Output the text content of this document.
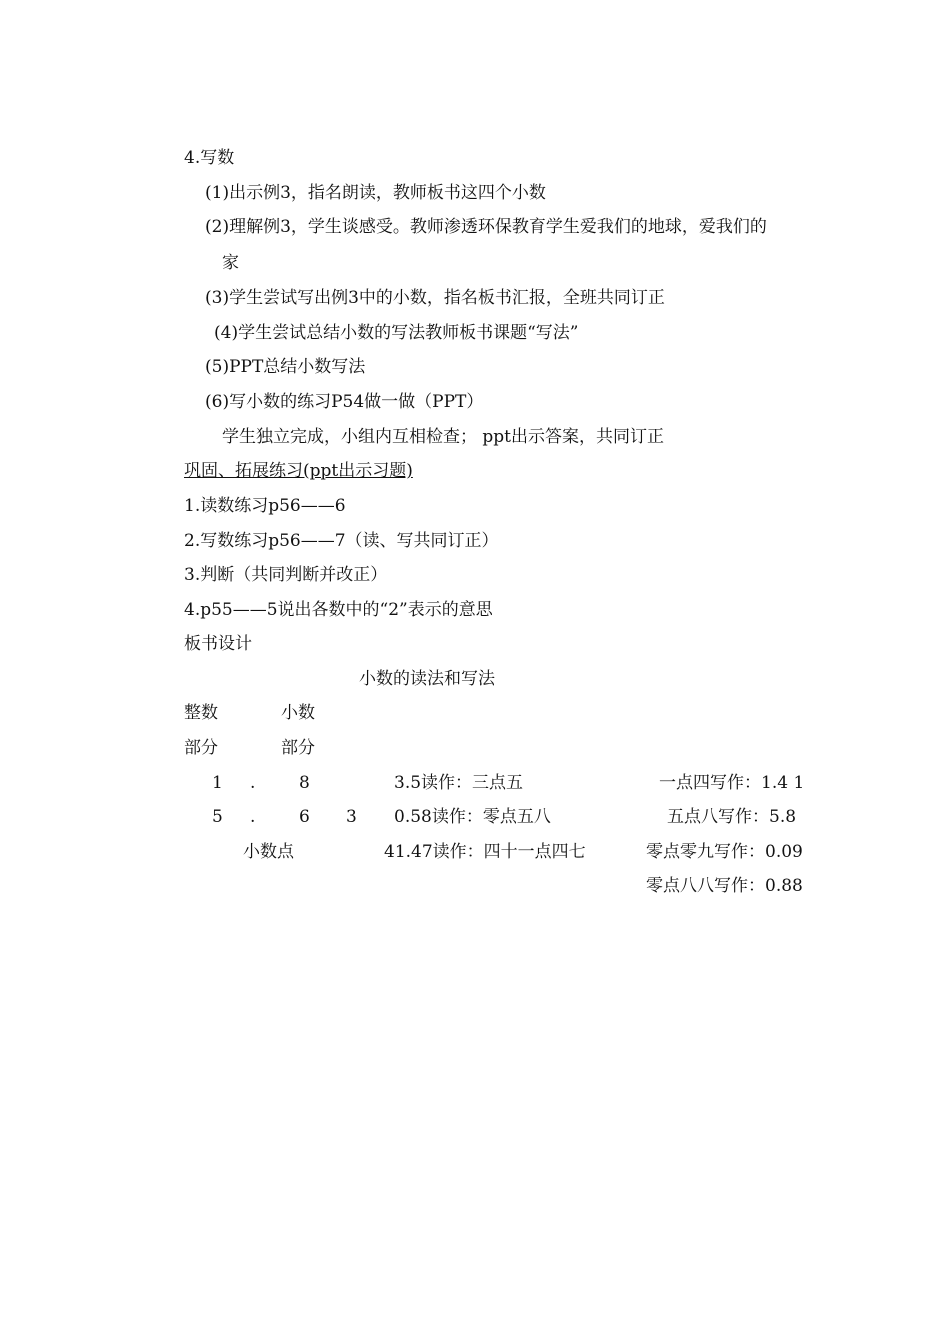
4.写数
(1)出示例3，指名朗读，教师板书这四个小数
(2)理解例3，学生谈感受。教师渗透环保教育学生爱我们的地球，爱我们的
家
(3)学生尝试写出例3中的小数，指名板书汇报，全班共同订正
(4)学生尝试总结小数的写法教师板书课题“写法”
(5)PPT总结小数写法
(6)写小数的练习P54做一做（PPT）
学生独立完成，小组内互相检查； ppt出示答案，共同订正
巩固、拓展练习(ppt出示习题)
1.读数练习p56——6
2.写数练习p56——7（读、写共同订正）
3.判断（共同判断并改正）
4.p55——5说出各数中的“2”表示的意思
板书设计
小数的读法和写法
整数	小数
部分	部分
1 .	8	3.5读作：三点五	一点四写作：1.4 1
5 .	6 3 0.58读作：零点五八	五点八写作：5.8
小数点	41.47读作：四十一点四七	零点零九写作：0.09
零点八八写作：0.88
